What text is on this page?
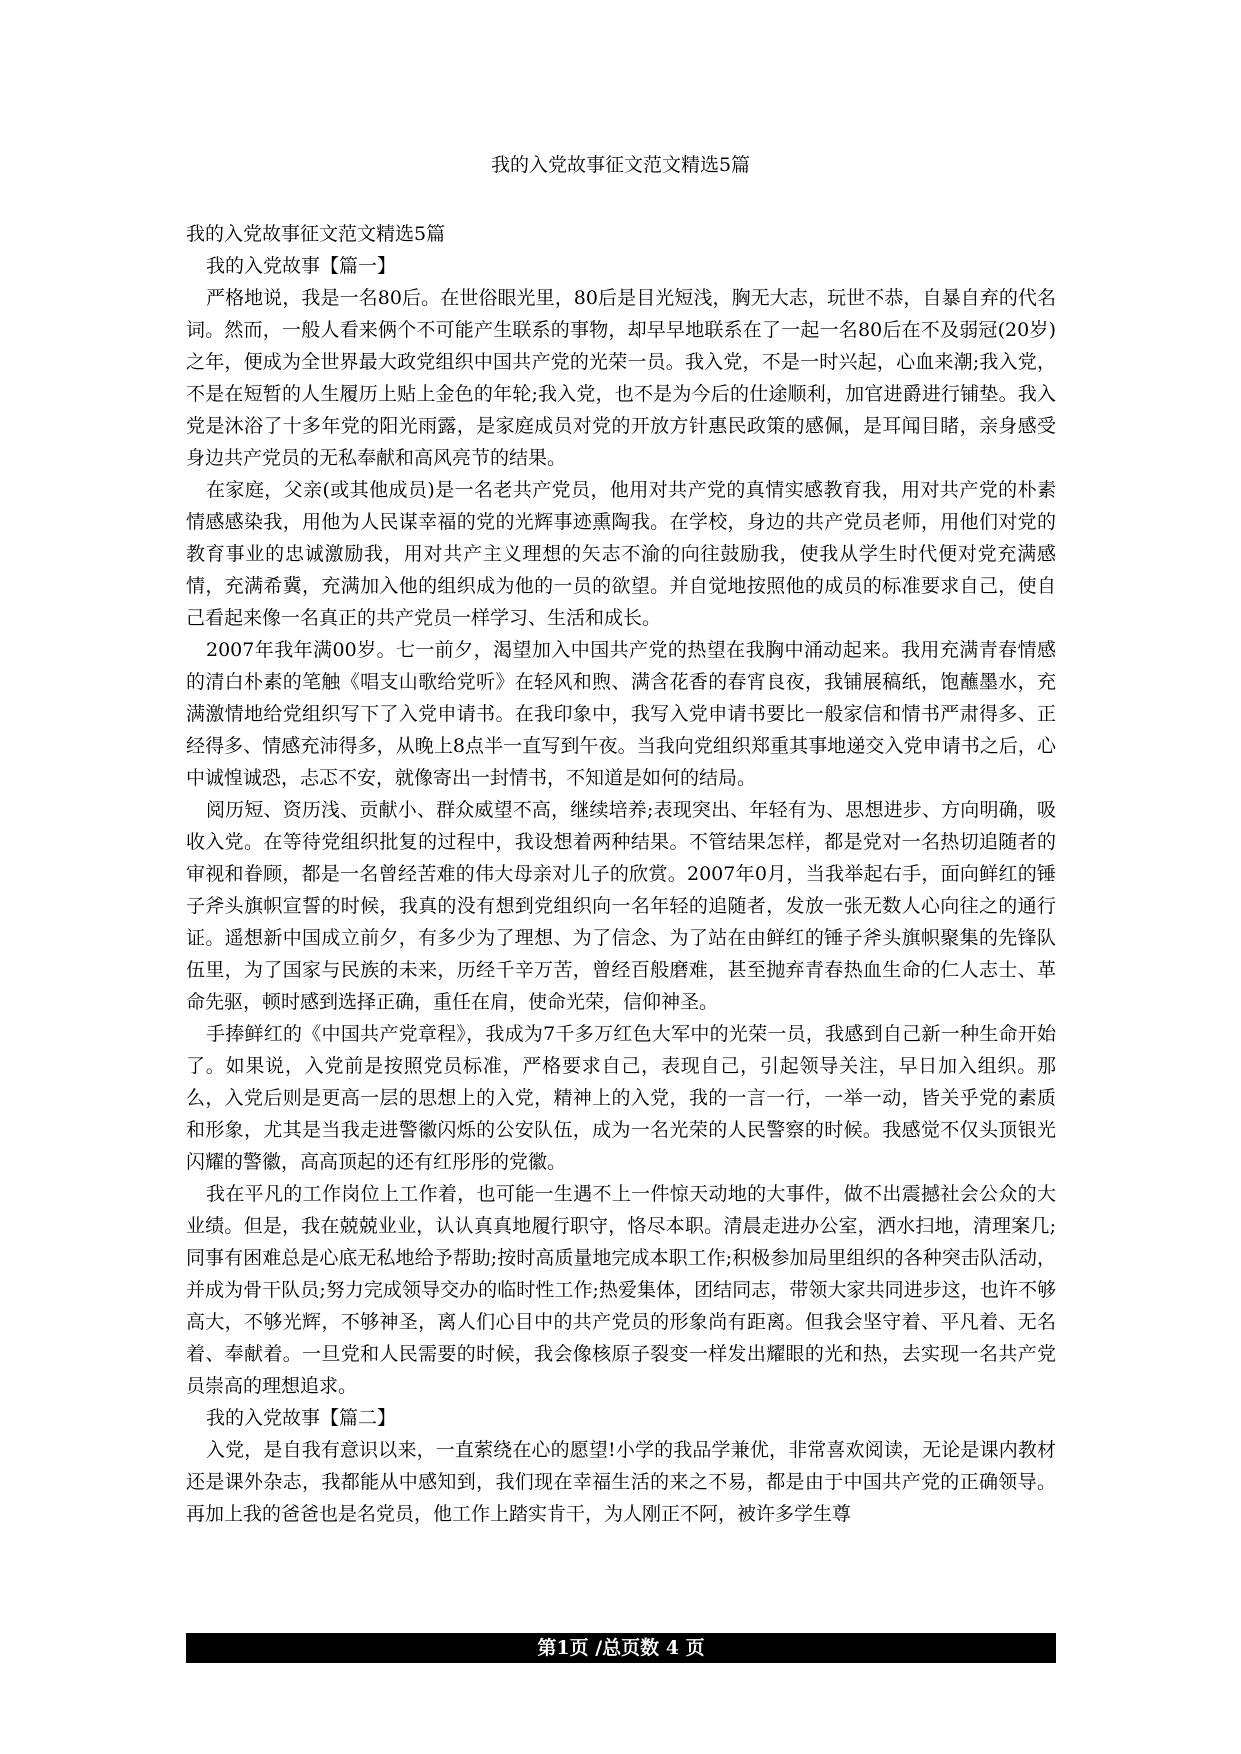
我的入党故事征文范文精选5篇

我的入党故事征文范文精选5篇

我的入党故事【篇一】

严格地说，我是一名80后。在世俗眼光里，80后是目光短浅，胸无大志，玩世不恭，自暴自弃的代名词。然而，一般人看来俩个不可能产生联系的事物，却早早地联系在了一起一名80后在不及弱冠(20岁)之年，便成为全世界最大政党组织中国共产党的光荣一员。我入党，不是一时兴起，心血来潮;我入党，不是在短暂的人生履历上贴上金色的年轮;我入党，也不是为今后的仕途顺利，加官进爵进行铺垫。我入党是沐浴了十多年党的阳光雨露，是家庭成员对党的开放方针惠民政策的感佩，是耳闻目睹，亲身感受身边共产党员的无私奉献和高风亮节的结果。

在家庭，父亲(或其他成员)是一名老共产党员，他用对共产党的真情实感教育我，用对共产党的朴素情感感染我，用他为人民谋幸福的党的光辉事迹熏陶我。在学校，身边的共产党员老师，用他们对党的教育事业的忠诚激励我，用对共产主义理想的矢志不渝的向往鼓励我，使我从学生时代便对党充满感情，充满希冀，充满加入他的组织成为他的一员的欲望。并自觉地按照他的成员的标准要求自己，使自己看起来像一名真正的共产党员一样学习、生活和成长。

2007年我年满00岁。七一前夕，渴望加入中国共产党的热望在我胸中涌动起来。我用充满青春情感的清白朴素的笔触《唱支山歌给党听》在轻风和煦、满含花香的春宵良夜，我铺展稿纸，饱蘸墨水，充满激情地给党组织写下了入党申请书。在我印象中，我写入党申请书要比一般家信和情书严肃得多、正经得多、情感充沛得多，从晚上8点半一直写到午夜。当我向党组织郑重其事地递交入党申请书之后，心中诚惶诚恐，忐忑不安，就像寄出一封情书，不知道是如何的结局。

阅历短、资历浅、贡献小、群众威望不高，继续培养;表现突出、年轻有为、思想进步、方向明确，吸收入党。在等待党组织批复的过程中，我设想着两种结果。不管结果怎样，都是党对一名热切追随者的审视和眷顾，都是一名曾经苦难的伟大母亲对儿子的欣赏。2007年0月，当我举起右手，面向鲜红的锤子斧头旗帜宣誓的时候，我真的没有想到党组织向一名年轻的追随者，发放一张无数人心向往之的通行证。遥想新中国成立前夕，有多少为了理想、为了信念、为了站在由鲜红的锤子斧头旗帜聚集的先锋队伍里，为了国家与民族的未来，历经千辛万苦，曾经百般磨难，甚至抛弃青春热血生命的仁人志士、革命先驱，顿时感到选择正确，重任在肩，使命光荣，信仰神圣。

手捧鲜红的《中国共产党章程》，我成为7千多万红色大军中的光荣一员，我感到自己新一种生命开始了。如果说，入党前是按照党员标准，严格要求自己，表现自己，引起领导关注，早日加入组织。那么，入党后则是更高一层的思想上的入党，精神上的入党，我的一言一行，一举一动，皆关乎党的素质和形象，尤其是当我走进警徽闪烁的公安队伍，成为一名光荣的人民警察的时候。我感觉不仅头顶银光闪耀的警徽，高高顶起的还有红彤彤的党徽。

我在平凡的工作岗位上工作着，也可能一生遇不上一件惊天动地的大事件，做不出震撼社会公众的大业绩。但是，我在兢兢业业，认认真真地履行职守，恪尽本职。清晨走进办公室，洒水扫地，清理案几;同事有困难总是心底无私地给予帮助;按时高质量地完成本职工作;积极参加局里组织的各种突击队活动，并成为骨干队员;努力完成领导交办的临时性工作;热爱集体，团结同志，带领大家共同进步这，也许不够高大，不够光辉，不够神圣，离人们心目中的共产党员的形象尚有距离。但我会坚守着、平凡着、无名着、奉献着。一旦党和人民需要的时候，我会像核原子裂变一样发出耀眼的光和热，去实现一名共产党员崇高的理想追求。

我的入党故事【篇二】

入党，是自我有意识以来，一直萦绕在心的愿望!小学的我品学兼优，非常喜欢阅读，无论是课内教材还是课外杂志，我都能从中感知到，我们现在幸福生活的来之不易，都是由于中国共产党的正确领导。再加上我的爸爸也是名党员，他工作上踏实肯干，为人刚正不阿，被许多学生尊

第1页 /总页数 4 页
